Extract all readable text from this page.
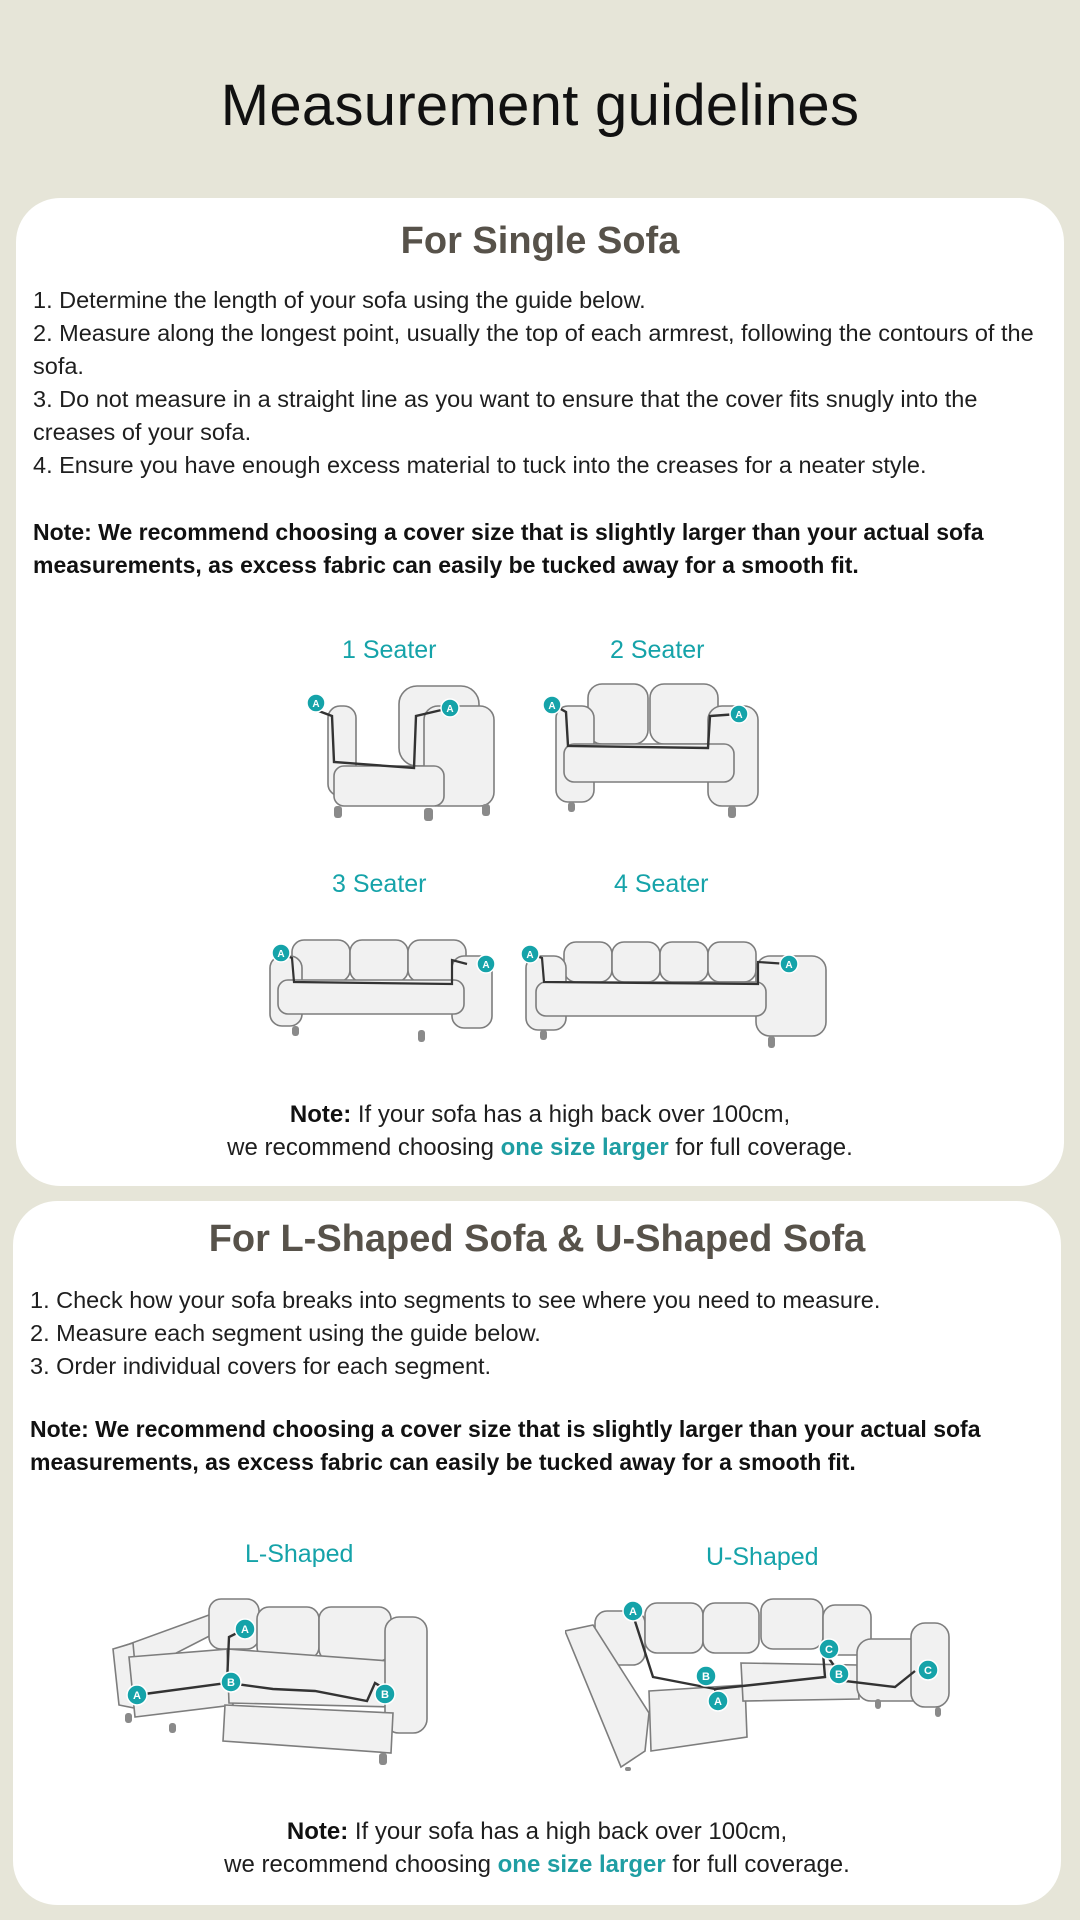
Measurement guidelines
For Single Sofa
1. Determine the length of your sofa using the guide below.
2. Measure along the longest point, usually the top of each armrest, following the contours of the sofa.
3. Do not measure in a straight line as you want to ensure that the cover fits snugly into the creases of your sofa.
4. Ensure you have enough excess material to tuck into the creases for a neater style.

Note: We recommend choosing a cover size that is slightly larger than your actual sofa measurements, as excess fabric can easily be tucked away for a smooth fit.

1 Seater
A	A
2 Seater
A
A
3 Seater
A
A
4 Seater
A
A

Note: If your sofa has a high back over 100cm,
we recommend choosing one size larger for full coverage.

For L-Shaped Sofa & U-Shaped Sofa
1. Check how your sofa breaks into segments to see where you need to measure.
2. Measure each segment using the guide below.
3. Order individual covers for each segment.

Note: We recommend choosing a cover size that is slightly larger than your actual sofa measurements, as excess fabric can easily be tucked away for a smooth fit.

L-Shaped
A
A
B
B
U-Shaped
A
A
B	B
C
C

Note: If your sofa has a high back over 100cm,
we recommend choosing one size larger for full coverage.
